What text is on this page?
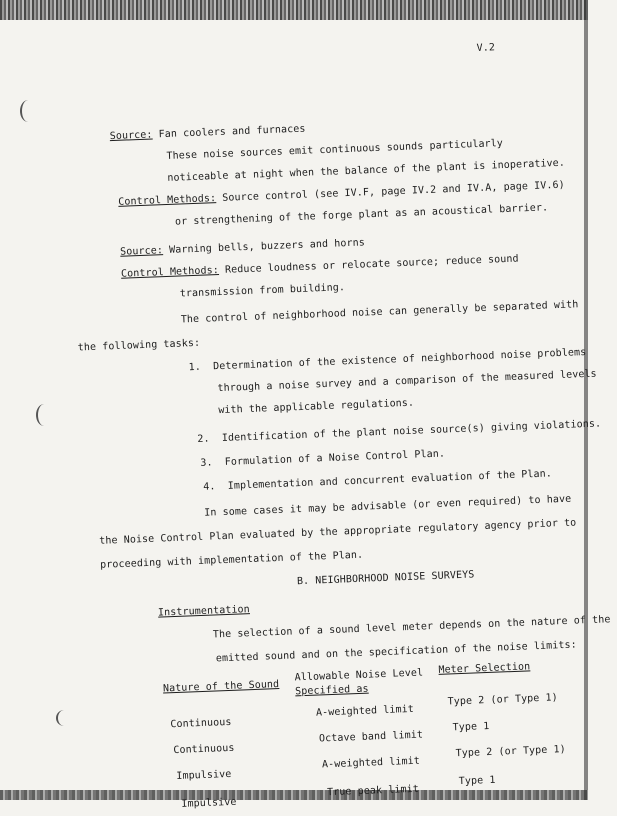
V.2
Source: Fan coolers and furnaces
These noise sources emit continuous sounds particularly
noticeable at night when the balance of the plant is inoperative.
Control Methods: Source control (see IV.F, page IV.2 and IV.A, page IV.6)
or strengthening of the forge plant as an acoustical barrier.
Source: Warning bells, buzzers and horns
Control Methods: Reduce loudness or relocate source; reduce sound
transmission from building.
The control of neighborhood noise can generally be separated with
the following tasks:
1. Determination of the existence of neighborhood noise problems
through a noise survey and a comparison of the measured levels
with the applicable regulations.
2. Identification of the plant noise source(s) giving violations.
3. Formulation of a Noise Control Plan.
4. Implementation and concurrent evaluation of the Plan.
In some cases it may be advisable (or even required) to have
the Noise Control Plan evaluated by the appropriate regulatory agency prior to
proceeding with implementation of the Plan.
B. NEIGHBORHOOD NOISE SURVEYS
Instrumentation
The selection of a sound level meter depends on the nature of the
emitted sound and on the specification of the noise limits:
Nature of the Sound
Allowable Noise Level
Specified as
Meter Selection
Continuous
A-weighted limit
Type 2 (or Type 1)
Continuous
Octave band limit
Type 1
Impulsive
A-weighted limit
Type 2 (or Type 1)
Impulsive
True peak limit
Type 1
